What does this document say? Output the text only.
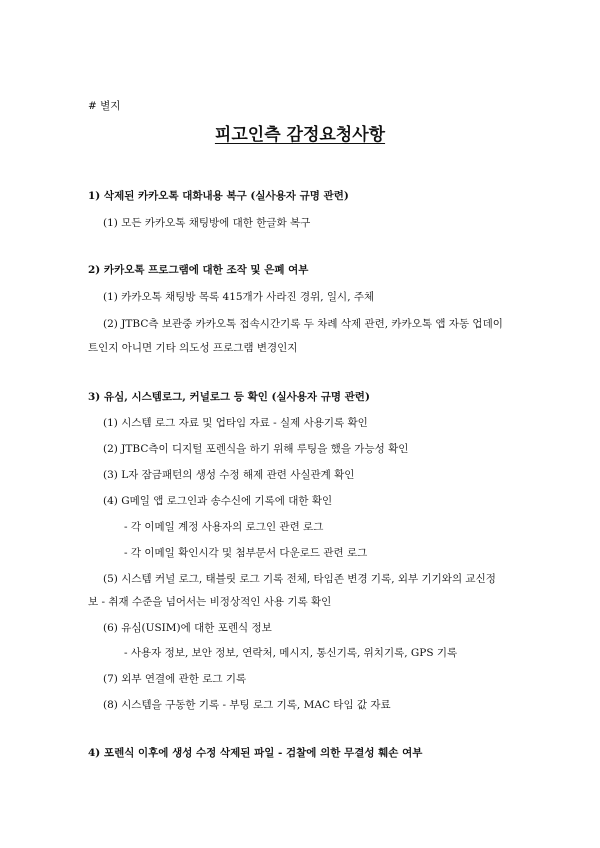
# 별지
피고인측 감정요청사항
1) 삭제된 카카오톡 대화내용 복구 (실사용자 규명 관련)
(1) 모든 카카오톡 채팅방에 대한 한글화 복구
2) 카카오톡 프로그램에 대한 조작 및 은폐 여부
(1) 카카오톡 채팅방 목록 415개가 사라진 경위, 일시, 주체
(2) JTBC측 보관중 카카오톡 접속시간기록 두 차례 삭제 관련, 카카오톡 앱 자동 업데이
트인지 아니면 기타 의도성 프로그램 변경인지
3) 유심, 시스템로그, 커널로그 등 확인 (실사용자 규명 관련)
(1) 시스템 로그 자료 및 업타임 자료 - 실제 사용기록 확인
(2) JTBC측이 디지털 포렌식을 하기 위해 루팅을 했을 가능성 확인
(3) L자 잠금패턴의 생성 수정 해제 관련 사실관계 확인
(4) G메일 앱 로그인과 송수신에 기록에 대한 확인
- 각 이메일 계정 사용자의 로그인 관련 로그
- 각 이메일 확인시각 및 첨부문서 다운로드 관련 로그
(5) 시스템 커널 로그, 태블릿 로그 기록 전체, 타임존 변경 기록, 외부 기기와의 교신정
보 - 취재 수준을 넘어서는 비정상적인 사용 기록 확인
(6) 유심(USIM)에 대한 포렌식 정보
- 사용자 정보, 보안 정보, 연락처, 메시지, 통신기록, 위치기록, GPS 기록
(7) 외부 연결에 관한 로그 기록
(8) 시스템을 구동한 기록 - 부팅 로그 기록, MAC 타임 값 자료
4) 포렌식 이후에 생성 수정 삭제된 파일 - 검찰에 의한 무결성 훼손 여부
